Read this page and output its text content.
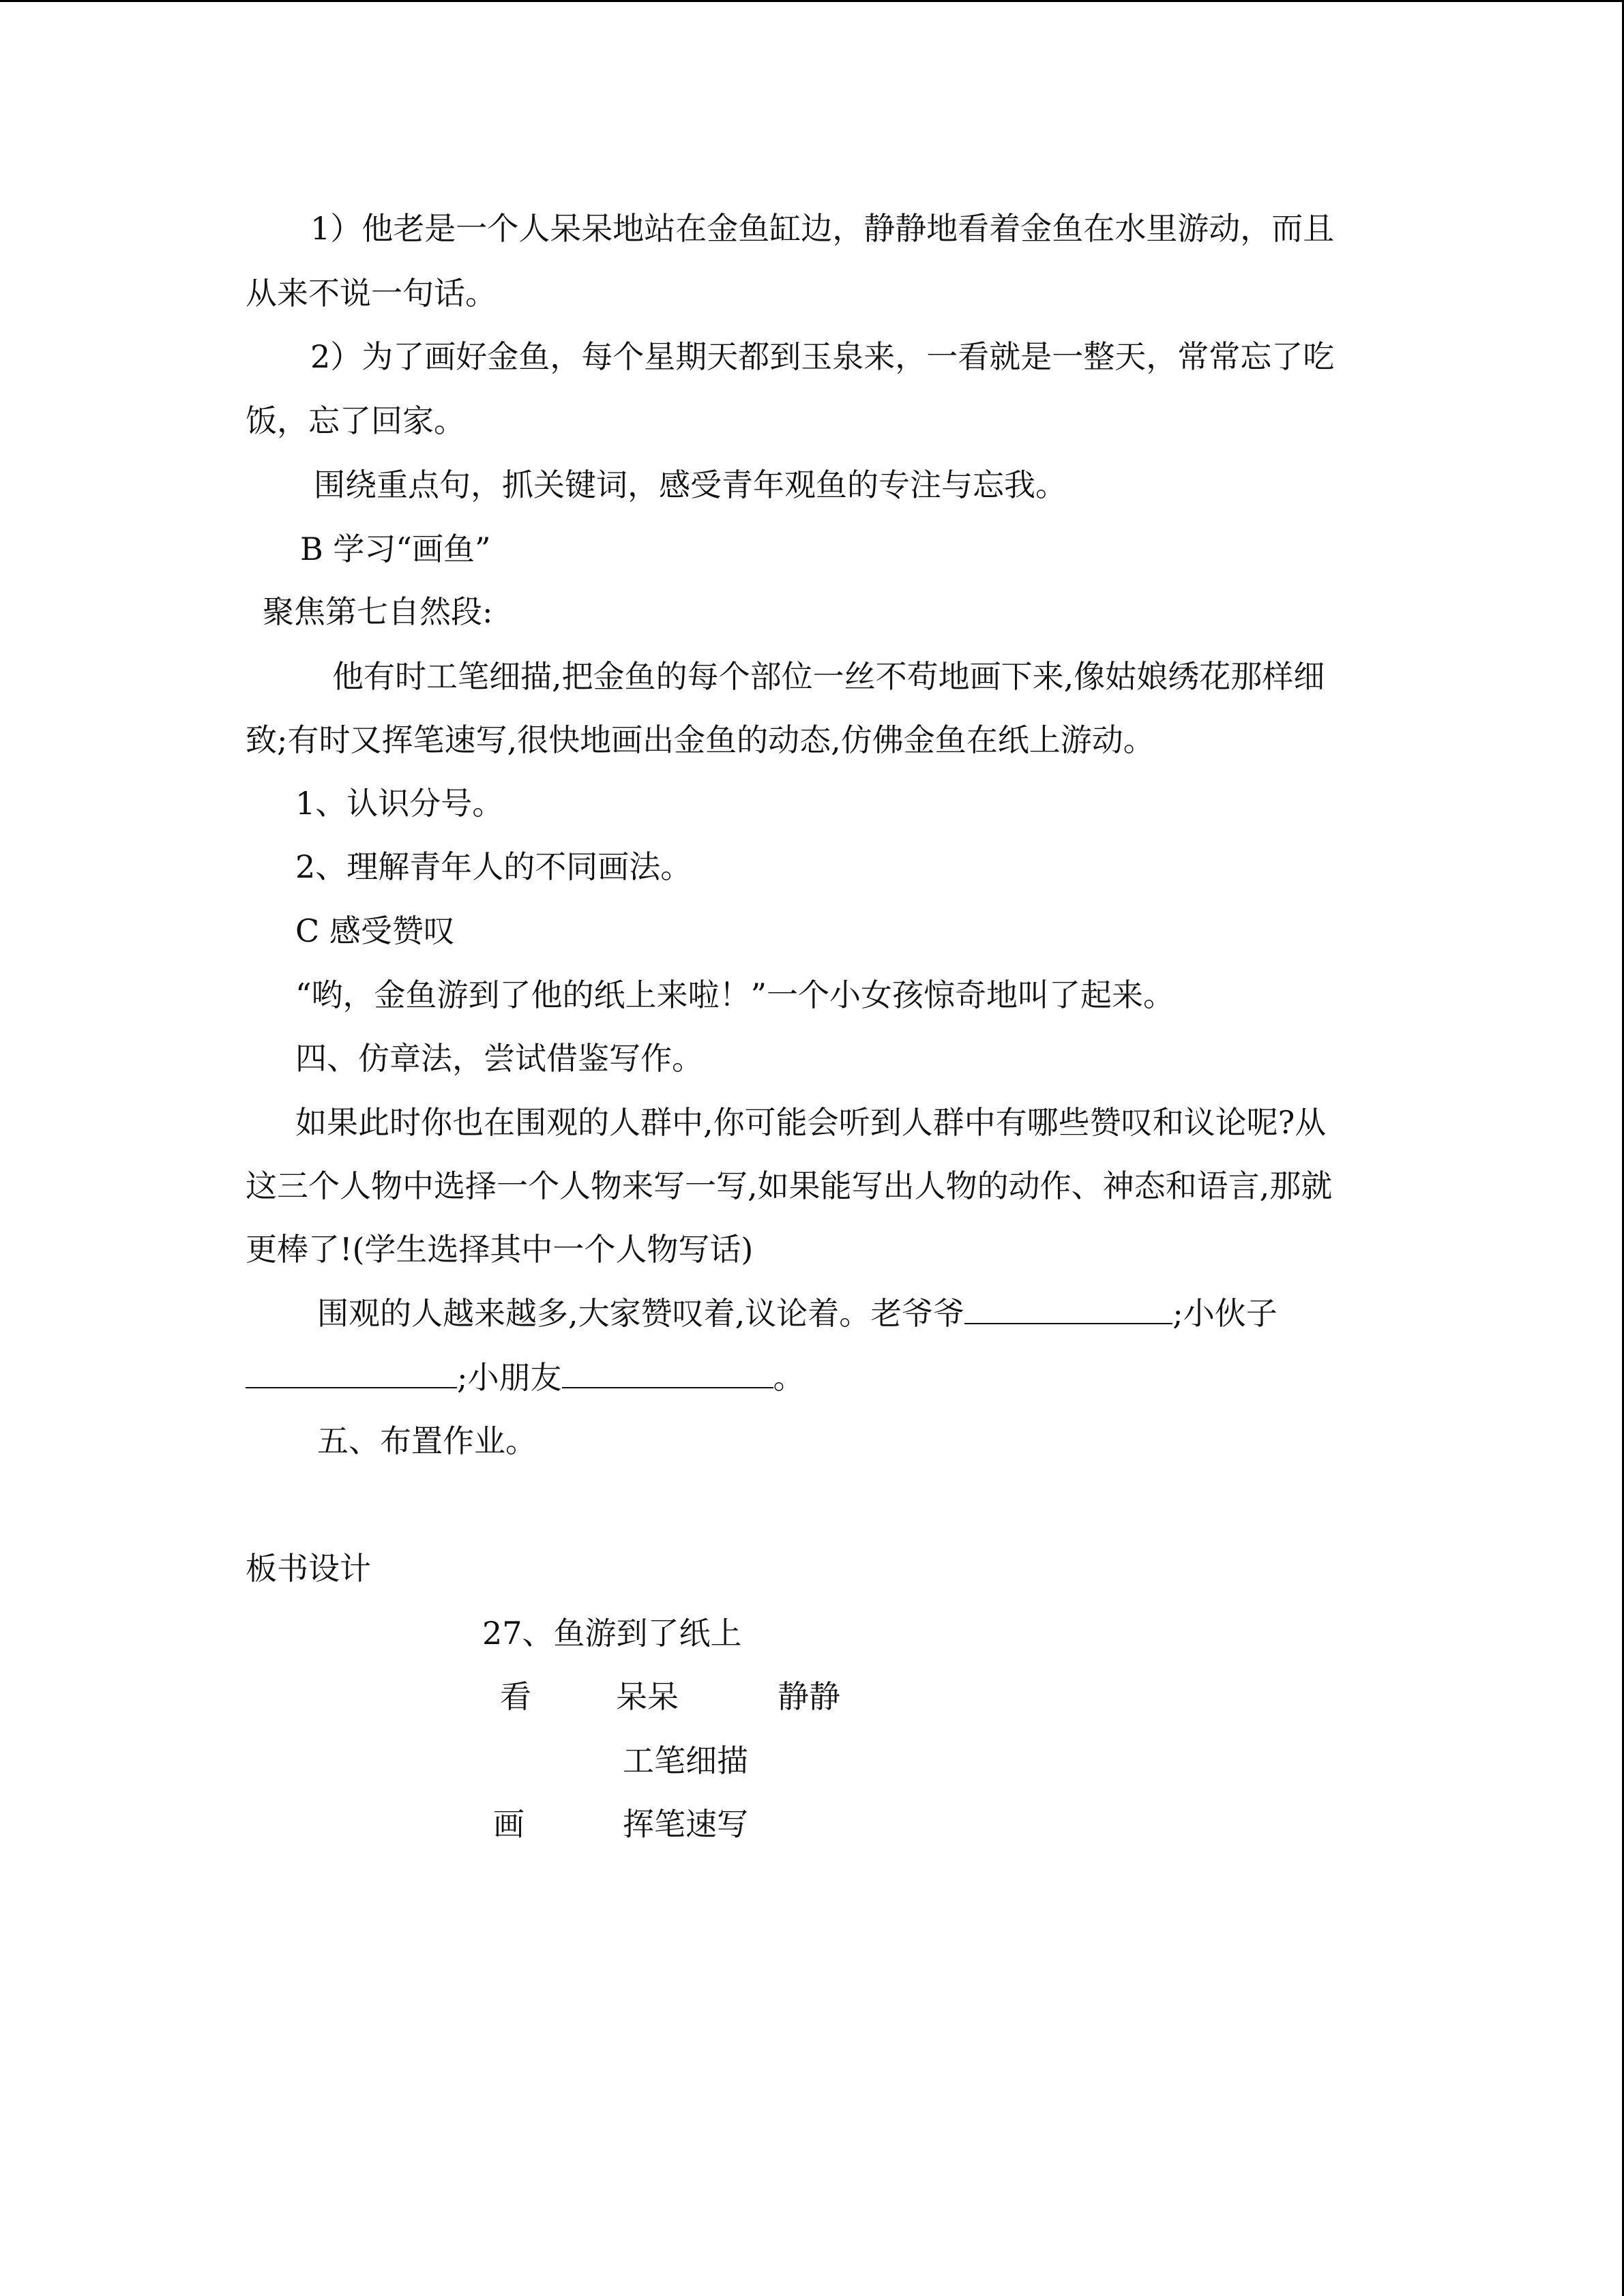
1）他老是一个人呆呆地站在金鱼缸边，静静地看着金鱼在水里游动，而且
从来不说一句话。
2）为了画好金鱼，每个星期天都到玉泉来，一看就是一整天，常常忘了吃
饭，忘了回家。
围绕重点句，抓关键词，感受青年观鱼的专注与忘我。
B 学习“画鱼”
聚焦第七自然段:
他有时工笔细描,把金鱼的每个部位一丝不苟地画下来,像姑娘绣花那样细
致;有时又挥笔速写,很快地画出金鱼的动态,仿佛金鱼在纸上游动。
1、认识分号。
2、理解青年人的不同画法。
C 感受赞叹
“哟，金鱼游到了他的纸上来啦！”一个小女孩惊奇地叫了起来。
四、仿章法，尝试借鉴写作。
如果此时你也在围观的人群中,你可能会听到人群中有哪些赞叹和议论呢?从
这三个人物中选择一个人物来写一写,如果能写出人物的动作、神态和语言,那就
更棒了!(学生选择其中一个人物写话)
围观的人越来越多,大家赞叹着,议论着。老爷爷	;小伙子
;小朋友	。
五、布置作业。
板书设计
27、鱼游到了纸上
看	呆呆	静静
工笔细描
画	挥笔速写
